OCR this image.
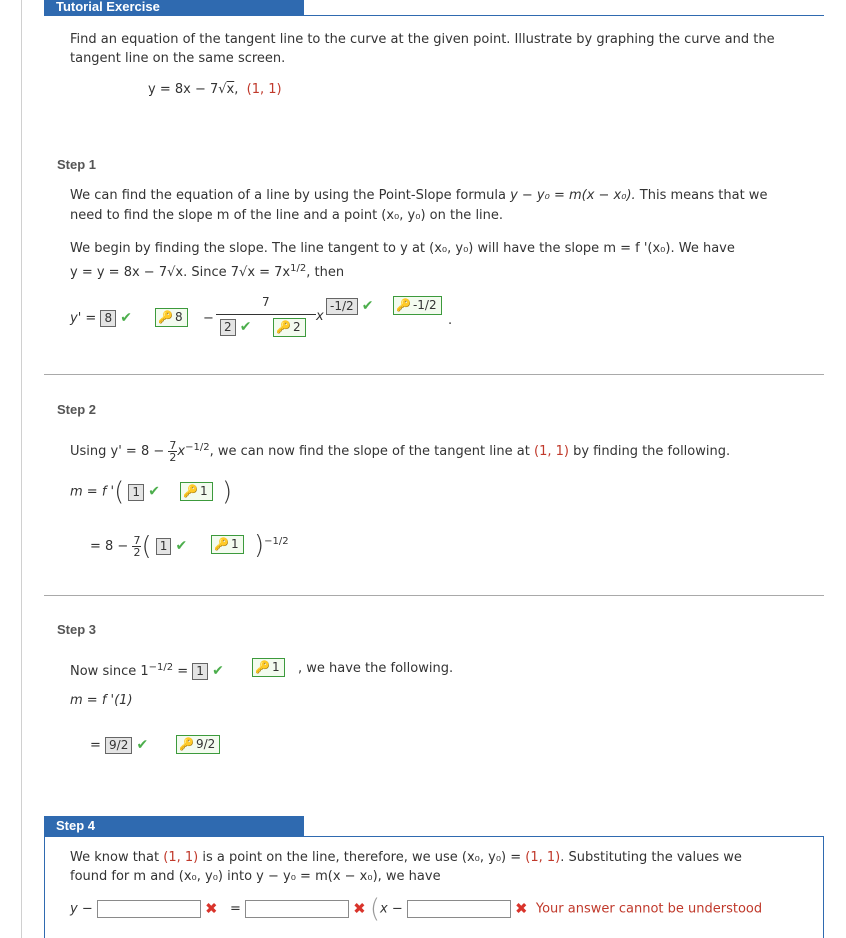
Tutorial Exercise
Find an equation of the tangent line to the curve at the given point. Illustrate by graphing the curve and the tangent line on the same screen.
y = 8x − 7√x,  (1, 1)
Step 1
We can find the equation of a line by using the Point-Slope formula y − y₀ = m(x − x₀). This means that we
need to find the slope m of the line and a point (x₀, y₀) on the line.
We begin by finding the slope. The line tangent to y at (x₀, y₀) will have the slope m = f '(x₀). We have
y = y = 8x − 7√x. Since $7√x = 7x^{1/2}$, then
y' = 8 ✔ 🔑 8	−
7
2 ✔ 🔑 2
x
-1/2 ✔ 🔑 -1/2
.
Step 2
Using $y' = 8 - \frac{7}{2} x^{-1/2}$, we can now find the slope of the tangent line at (1, 1) by finding the following.
m = f '( 1 ✔ 🔑 1 )
= $8 - \frac{7}{2}$ ( 1 ✔ 🔑 1 )$^{-1/2}$
Step 3
Now since $1^{-1/2} = 1$ ✔	🔑 1	, we have the following.
m = f '(1)
= 9/2 ✔	🔑 9/2
Step 4
We know that (1, 1) is a point on the line, therefore, we use (x₀, y₀) = (1, 1). Substituting the values we
found for m and (x₀, y₀) into y − y₀ = m(x − x₀), we have
y −	✖ =	✖ (x −	✖ Your answer cannot be understood
